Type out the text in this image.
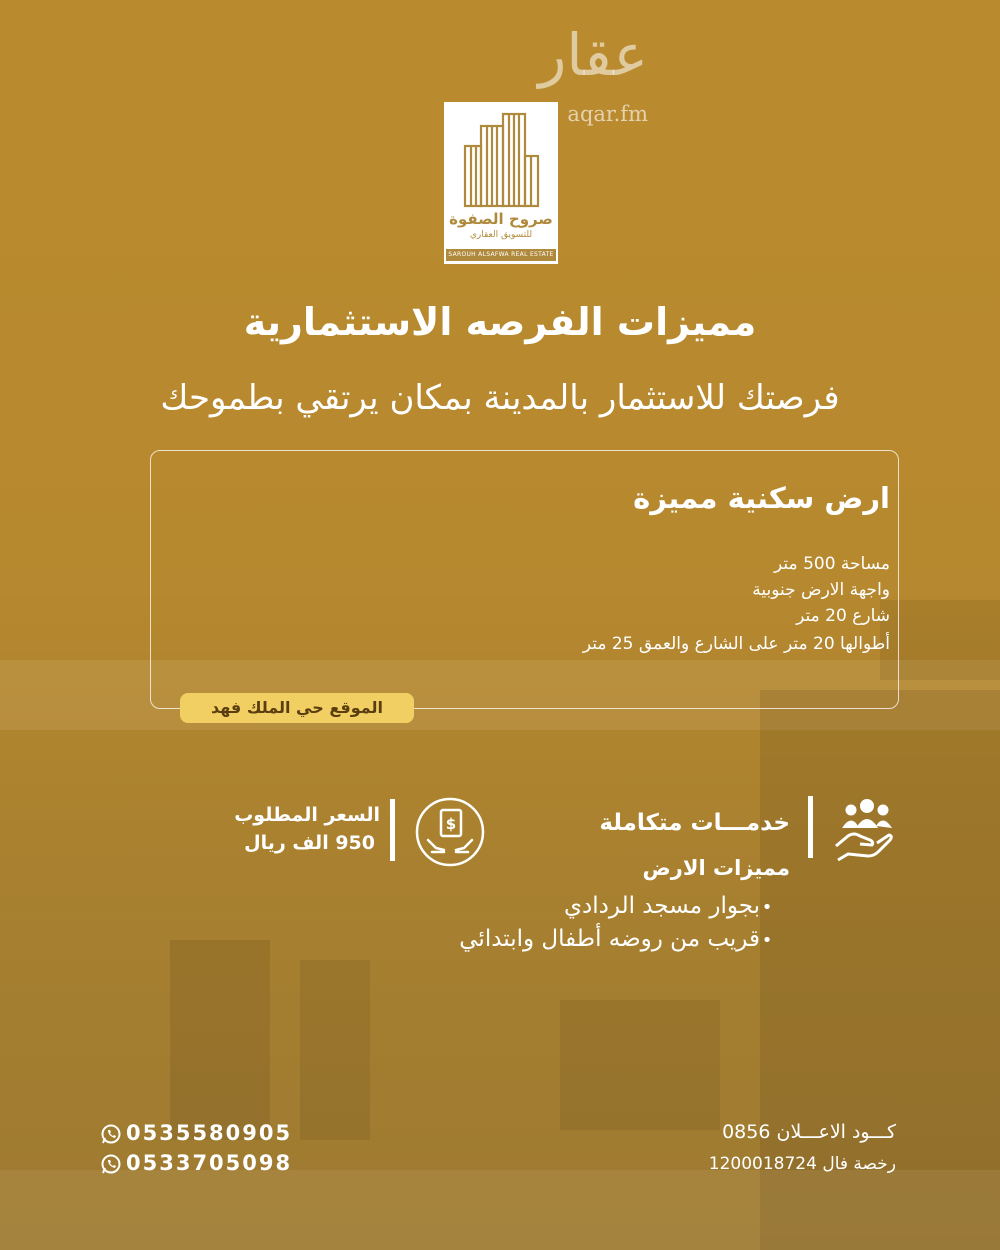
عقار
aqar.fm
صروح الصفوة
للتسويق العقاري
SAROUH ALSAFWA REAL ESTATE
مميزات الفرصه الاستثمارية
فرصتك للاستثمار بالمدينة بمكان يرتقي بطموحك
ارض سكنية مميزة
مساحة 500 متر
واجهة الارض جنوبية
شارع 20 متر
أطوالها 20 متر على الشارع والعمق 25 متر
الموقع حي الملك فهد
خدمـــات متكاملة
مميزات الارض
•
•
بجوار مسجد الردادي
قريب من روضه أطفال وابتدائي
$
السعر المطلوب
950 الف ريال
كـــود الاعـــلان 0856
رخصة فال 1200018724
0535580905
0533705098
